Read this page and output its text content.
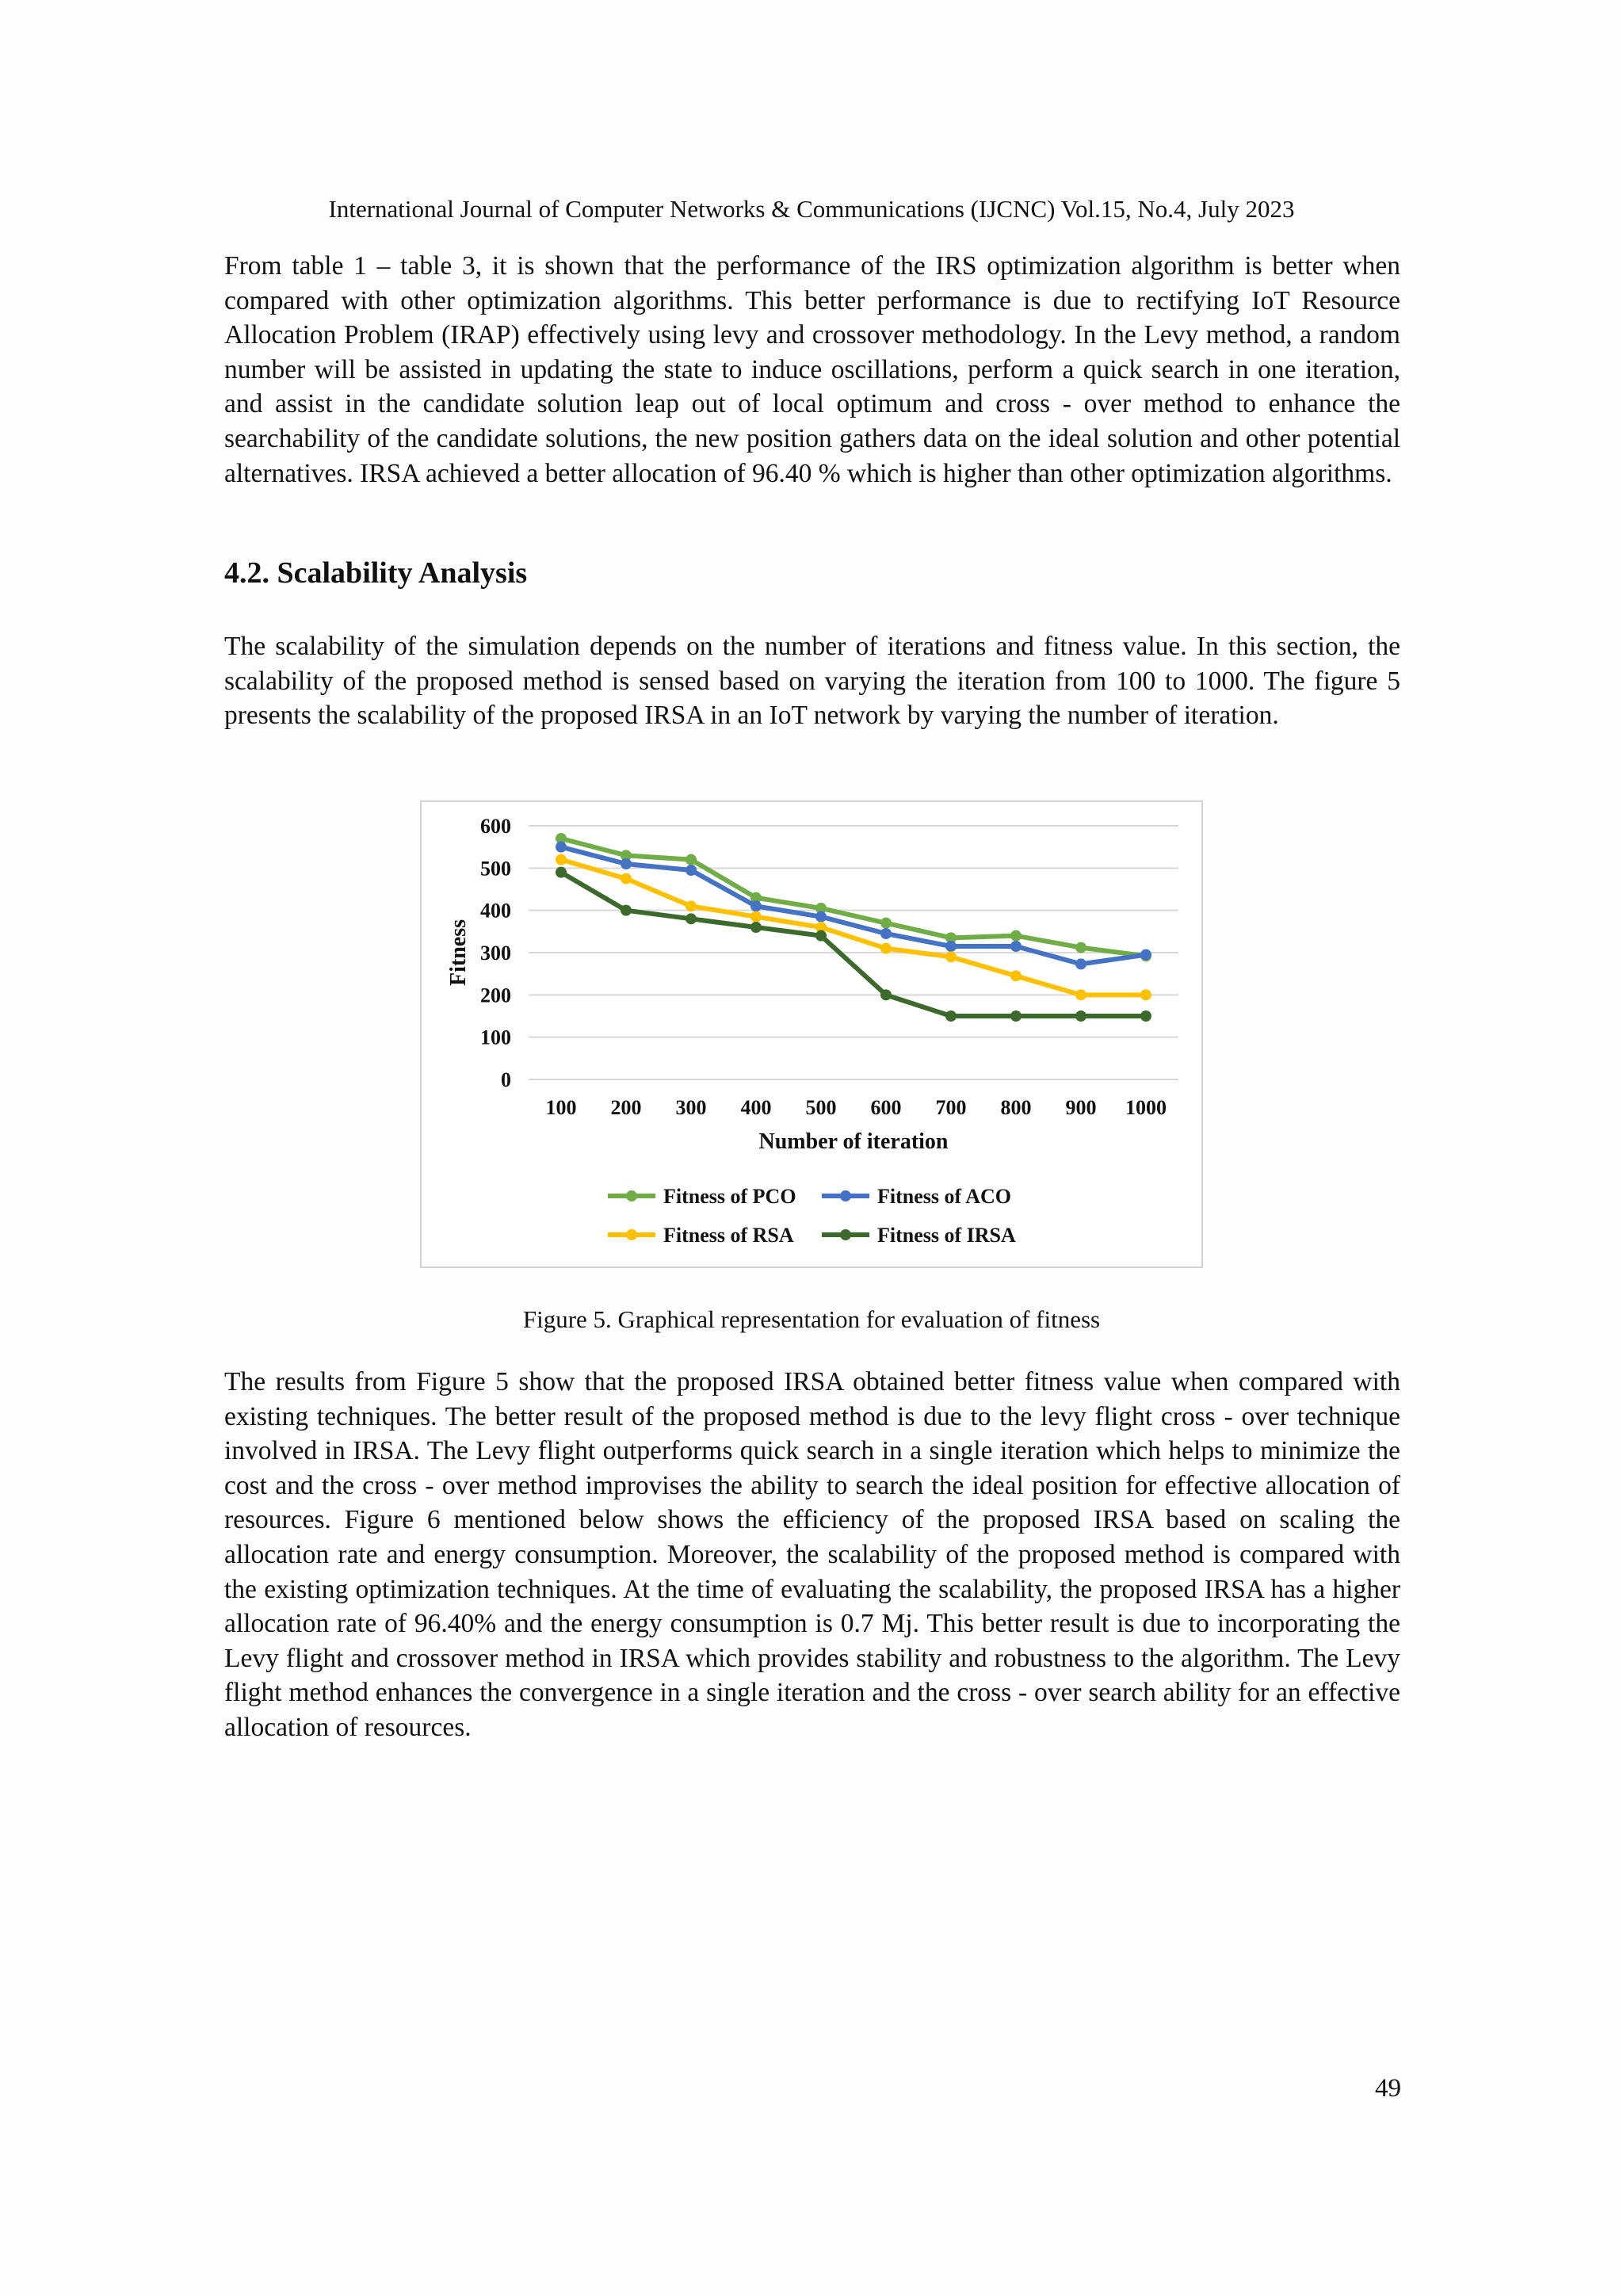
International Journal of Computer Networks & Communications (IJCNC) Vol.15, No.4, July 2023

From table 1 – table 3, it is shown that the performance of the IRS optimization algorithm is better when compared with other optimization algorithms. This better performance is due to rectifying IoT Resource Allocation Problem (IRAP) effectively using levy and crossover methodology. In the Levy method, a random number will be assisted in updating the state to induce oscillations, perform a quick search in one iteration, and assist in the candidate solution leap out of local optimum and cross - over method to enhance the searchability of the candidate solutions, the new position gathers data on the ideal solution and other potential alternatives. IRSA achieved a better allocation of 96.40 % which is higher than other optimization algorithms.

4.2. Scalability Analysis

The scalability of the simulation depends on the number of iterations and fitness value. In this section, the scalability of the proposed method is sensed based on varying the iteration from 100 to 1000. The figure 5 presents the scalability of the proposed IRSA in an IoT network by varying the number of iteration.

0
100
200
300
400
500
600
100 200 300 400 500 600 700 800 900 1000
Number of iteration
Fitness
Fitness of PCO	Fitness of ACO
Fitness of RSA	Fitness of IRSA
Figure 5. Graphical representation for evaluation of fitness

The results from Figure 5 show that the proposed IRSA obtained better fitness value when compared with existing techniques. The better result of the proposed method is due to the levy flight cross - over technique involved in IRSA. The Levy flight outperforms quick search in a single iteration which helps to minimize the cost and the cross - over method improvises the ability to search the ideal position for effective allocation of resources. Figure 6 mentioned below shows the efficiency of the proposed IRSA based on scaling the allocation rate and energy consumption. Moreover, the scalability of the proposed method is compared with the existing optimization techniques. At the time of evaluating the scalability, the proposed IRSA has a higher allocation rate of 96.40% and the energy consumption is 0.7 Mj. This better result is due to incorporating the Levy flight and crossover method in IRSA which provides stability and robustness to the algorithm. The Levy flight method enhances the convergence in a single iteration and the cross - over search ability for an effective allocation of resources.

49
